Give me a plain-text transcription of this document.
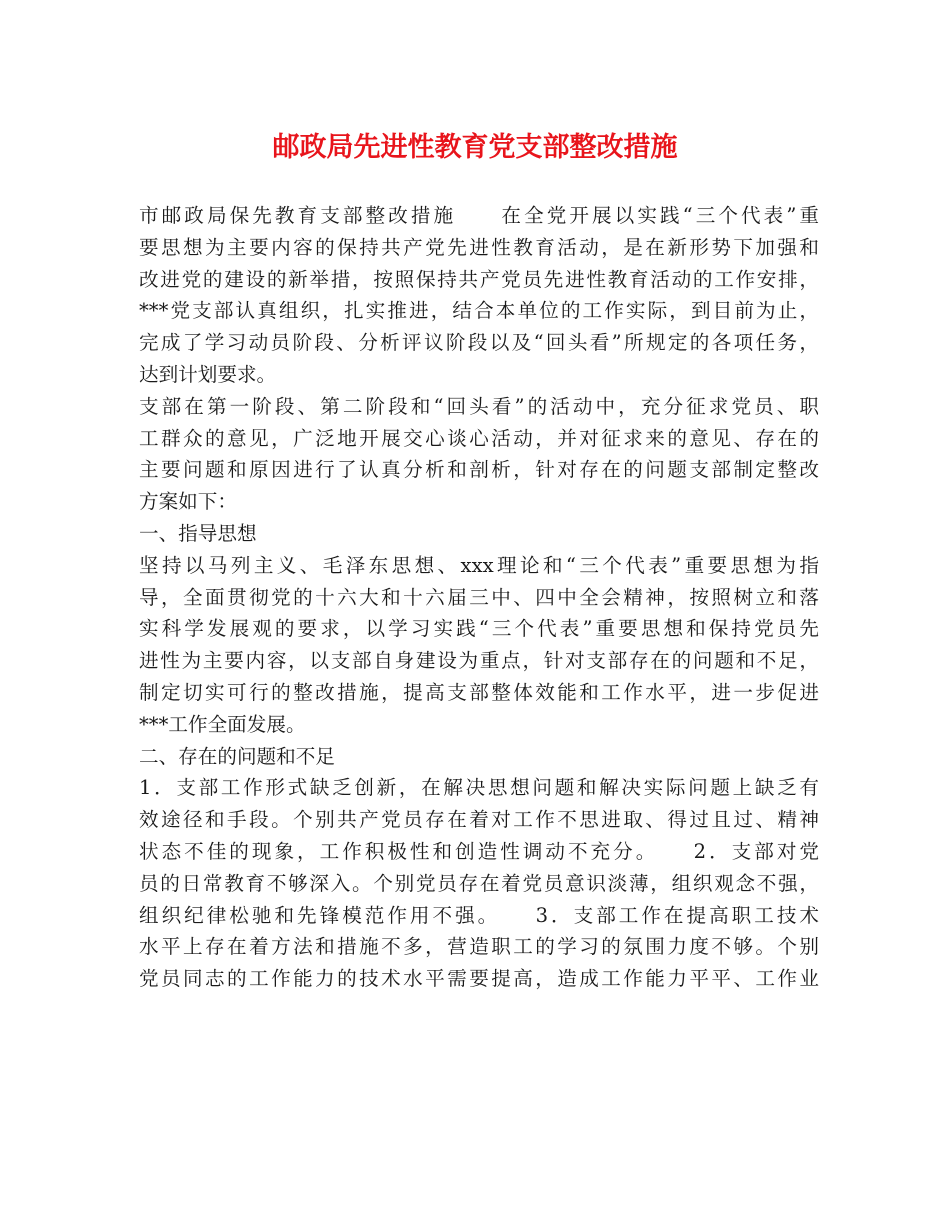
邮政局先进性教育党支部整改措施
市邮政局保先教育支部整改措施　　在全党开展以实践“三个代表”重
要思想为主要内容的保持共产党先进性教育活动，是在新形势下加强和
改进党的建设的新举措，按照保持共产党员先进性教育活动的工作安排，
***党支部认真组织，扎实推进，结合本单位的工作实际，到目前为止，
完成了学习动员阶段、分析评议阶段以及“回头看”所规定的各项任务，
达到计划要求。
支部在第一阶段、第二阶段和“回头看”的活动中，充分征求党员、职
工群众的意见，广泛地开展交心谈心活动，并对征求来的意见、存在的
主要问题和原因进行了认真分析和剖析，针对存在的问题支部制定整改
方案如下：
一、指导思想
坚持以马列主义、毛泽东思想、xxx理论和“三个代表”重要思想为指
导，全面贯彻党的十六大和十六届三中、四中全会精神，按照树立和落
实科学发展观的要求，以学习实践“三个代表”重要思想和保持党员先
进性为主要内容，以支部自身建设为重点，针对支部存在的问题和不足，
制定切实可行的整改措施，提高支部整体效能和工作水平，进一步促进
***工作全面发展。
二、存在的问题和不足
1．支部工作形式缺乏创新，在解决思想问题和解决实际问题上缺乏有
效途径和手段。个别共产党员存在着对工作不思进取、得过且过、精神
状态不佳的现象，工作积极性和创造性调动不充分。　　2．支部对党
员的日常教育不够深入。个别党员存在着党员意识淡薄，组织观念不强，
组织纪律松驰和先锋模范作用不强。　　3．支部工作在提高职工技术
水平上存在着方法和措施不多，营造职工的学习的氛围力度不够。个别
党员同志的工作能力的技术水平需要提高，造成工作能力平平、工作业
